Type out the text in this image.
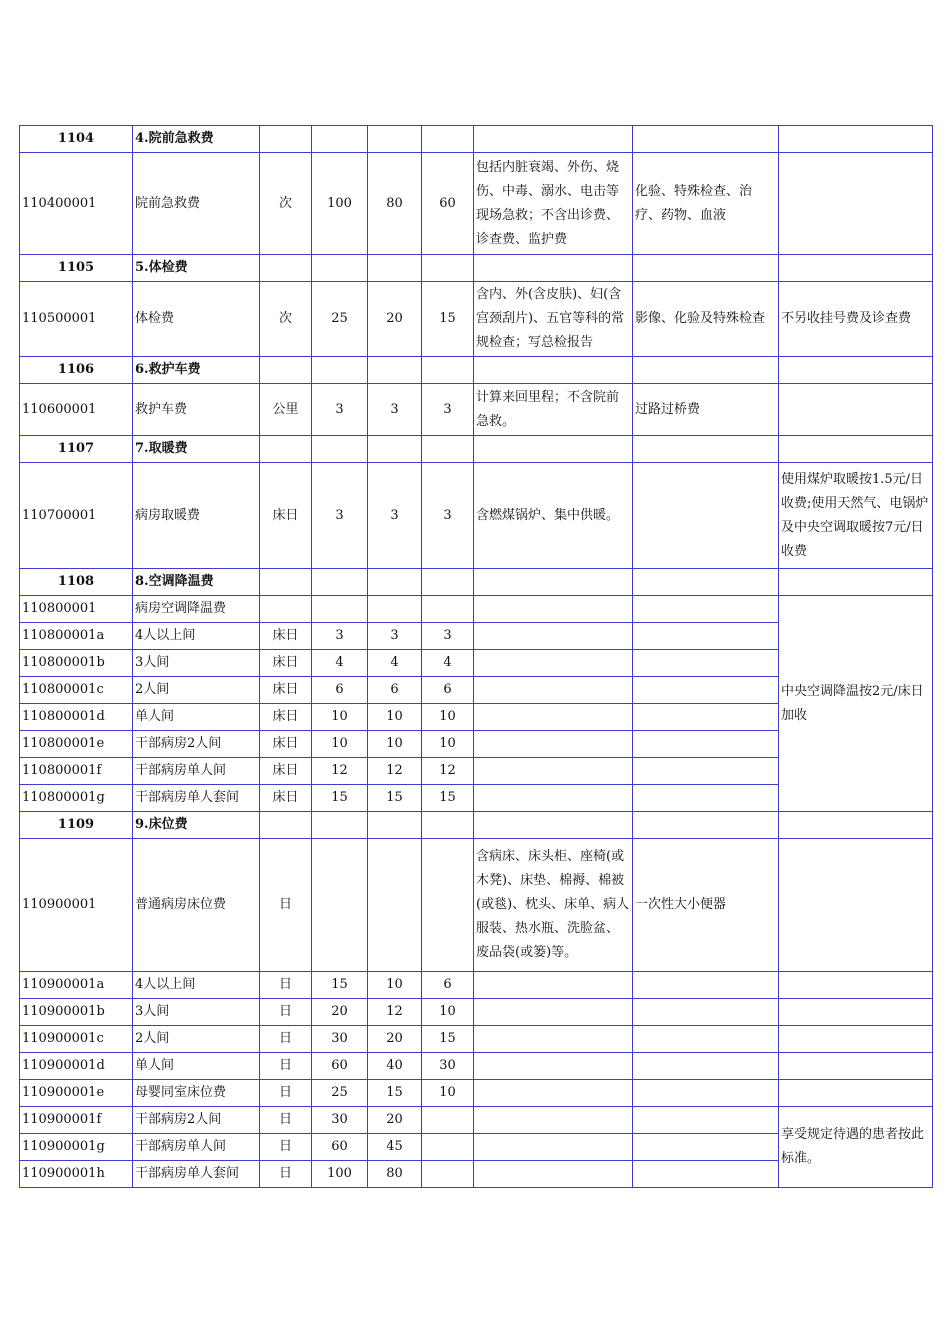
1104	4.院前急救费							
110400001	院前急救费	次	100	80	60	包括内脏衰竭、外伤、烧伤、中毒、溺水、电击等现场急救；不含出诊费、诊查费、监护费	化验、特殊检查、治疗、药物、血液	
1105	5.体检费							
110500001	体检费	次	25	20	15	含内、外(含皮肤)、妇(含宫颈刮片)、五官等科的常规检查；写总检报告	影像、化验及特殊检查	不另收挂号费及诊查费
1106	6.救护车费							
110600001	救护车费	公里	3	3	3	计算来回里程；不含院前急救。	过路过桥费	
1107	7.取暖费							
110700001	病房取暖费	床日	3	3	3	含燃煤锅炉、集中供暖。		使用煤炉取暖按1.5元/日收费;使用天然气、电锅炉及中央空调取暖按7元/日收费
1108	8.空调降温费							
110800001	病房空调降温费							中央空调降温按2元/床日加收
110800001a	4人以上间	床日	3	3	3			
110800001b	3人间	床日	4	4	4			
110800001c	2人间	床日	6	6	6			
110800001d	单人间	床日	10	10	10			
110800001e	干部病房2人间	床日	10	10	10			
110800001f	干部病房单人间	床日	12	12	12			
110800001g	干部病房单人套间	床日	15	15	15			
1109	9.床位费							
110900001	普通病房床位费	日				含病床、床头柜、座椅(或木凳)、床垫、棉褥、棉被(或毯)、枕头、床单、病人服装、热水瓶、洗脸盆、废品袋(或篓)等。	一次性大小便器	
110900001a	4人以上间	日	15	10	6			
110900001b	3人间	日	20	12	10			
110900001c	2人间	日	30	20	15			
110900001d	单人间	日	60	40	30			
110900001e	母婴同室床位费	日	25	15	10			
110900001f	干部病房2人间	日	30	20				享受规定待遇的患者按此标准。
110900001g	干部病房单人间	日	60	45				
110900001h	干部病房单人套间	日	100	80				
